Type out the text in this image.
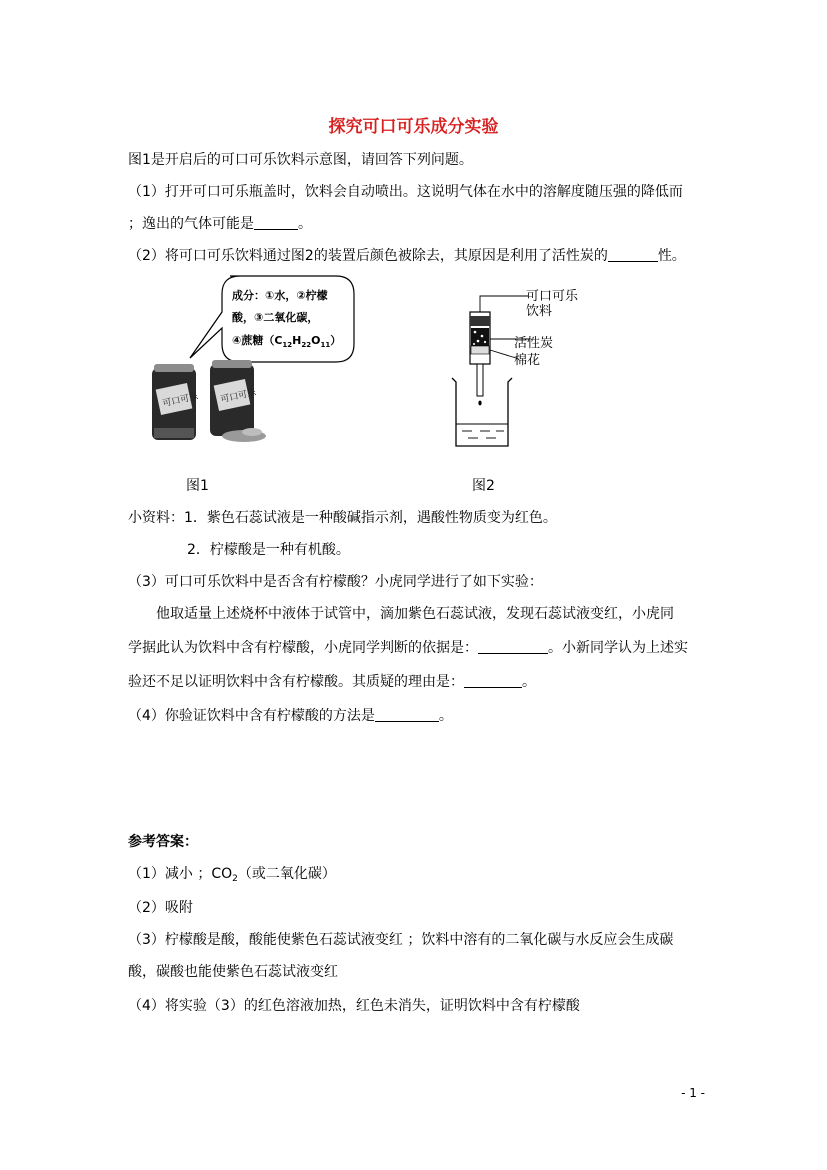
探究可口可乐成分实验
图1是开启后的可口可乐饮料示意图，请回答下列问题。
（1）打开可口可乐瓶盖时，饮料会自动喷出。这说明气体在水中的溶解度随压强的降低而
；逸出的气体可能是	。
（2）将可口可乐饮料通过图2的装置后颜色被除去，其原因是利用了活性炭的	性。
成分：①水，②柠檬
酸，③二氧化碳，
④蔗糖$(C_{12}H_{22}O_{11})$
可口可乐 可口可乐
图1
可口可乐
饮料
活性炭
棉花
图2
小资料：1．紫色石蕊试液是一种酸碱指示剂，遇酸性物质变为红色。
2．柠檬酸是一种有机酸。
（3）可口可乐饮料中是否含有柠檬酸？小虎同学进行了如下实验：
他取适量上述烧杯中液体于试管中，滴加紫色石蕊试液，发现石蕊试液变红，小虎同
学据此认为饮料中含有柠檬酸，小虎同学判断的依据是：	。小新同学认为上述实
验还不足以证明饮料中含有柠檬酸。其质疑的理由是：	。
（4）你验证饮料中含有柠檬酸的方法是	。
参考答案：
（1）减小 ；$CO_2$（或二氧化碳）
（2）吸附
（3）柠檬酸是酸，酸能使紫色石蕊试液变红 ；饮料中溶有的二氧化碳与水反应会生成碳
酸，碳酸也能使紫色石蕊试液变红
（4）将实验（3）的红色溶液加热，红色未消失，证明饮料中含有柠檬酸
- 1 -
